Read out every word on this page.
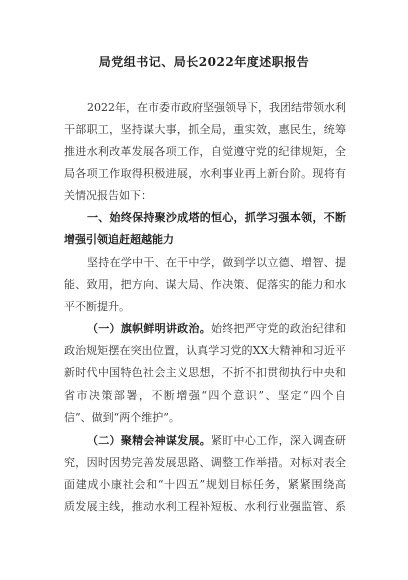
局党组书记、局长2022年度述职报告
2022年，在市委市政府坚强领导下，我团结带领水利
干部职工，坚持谋大事，抓全局，重实效，惠民生，统筹
推进水利改革发展各项工作，自觉遵守党的纪律规矩，全
局各项工作取得积极进展，水利事业再上新台阶。现将有
关情况报告如下：
一、始终保持聚沙成塔的恒心，抓学习强本领，不断
增强引领追赶超越能力
坚持在学中干、在干中学，做到学以立德、增智、提
能、致用，把方向、谋大局、作决策、促落实的能力和水
平不断提升。
（一）旗帜鲜明讲政治。始终把严守党的政治纪律和
政治规矩摆在突出位置，认真学习党的XX大精神和习近平
新时代中国特色社会主义思想，不折不扣贯彻执行中央和
省市决策部署，不断增强“四个意识”、坚定“四个自
信”、做到“两个维护”。
（二）聚精会神谋发展。紧盯中心工作，深入调查研
究，因时因势完善发展思路、调整工作举措。对标对表全
面建成小康社会和“十四五”规划目标任务，紧紧围绕高
质发展主线，推动水利工程补短板、水利行业强监管、系
